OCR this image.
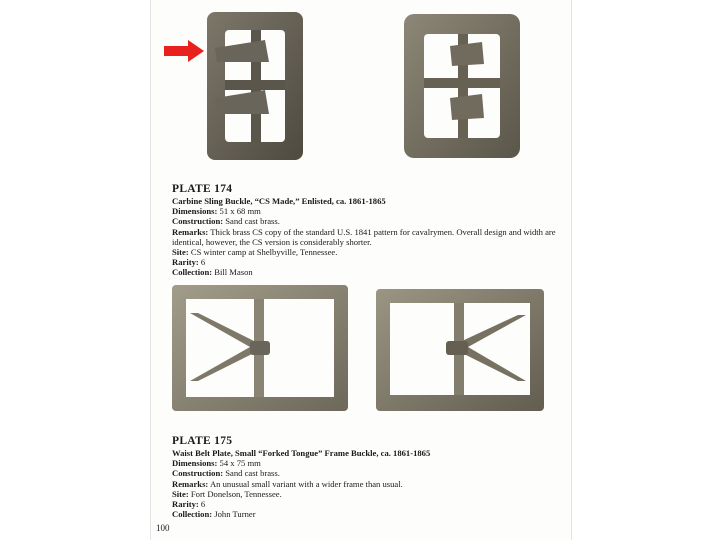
PLATE 174
Carbine Sling Buckle, “CS Made,” Enlisted, ca. 1861-1865
Dimensions: 51 x 68 mm
Construction: Sand cast brass.
Remarks: Thick brass CS copy of the standard U.S. 1841 pattern for cavalrymen. Overall design and width are identical, however, the CS version is considerably shorter.
Site: CS winter camp at Shelbyville, Tennessee.
Rarity: 6
Collection: Bill Mason
PLATE 175
Waist Belt Plate, Small “Forked Tongue” Frame Buckle, ca. 1861-1865
Dimensions: 54 x 75 mm
Construction: Sand cast brass.
Remarks: An unusual small variant with a wider frame than usual.
Site: Fort Donelson, Tennessee.
Rarity: 6
Collection: John Turner
100
